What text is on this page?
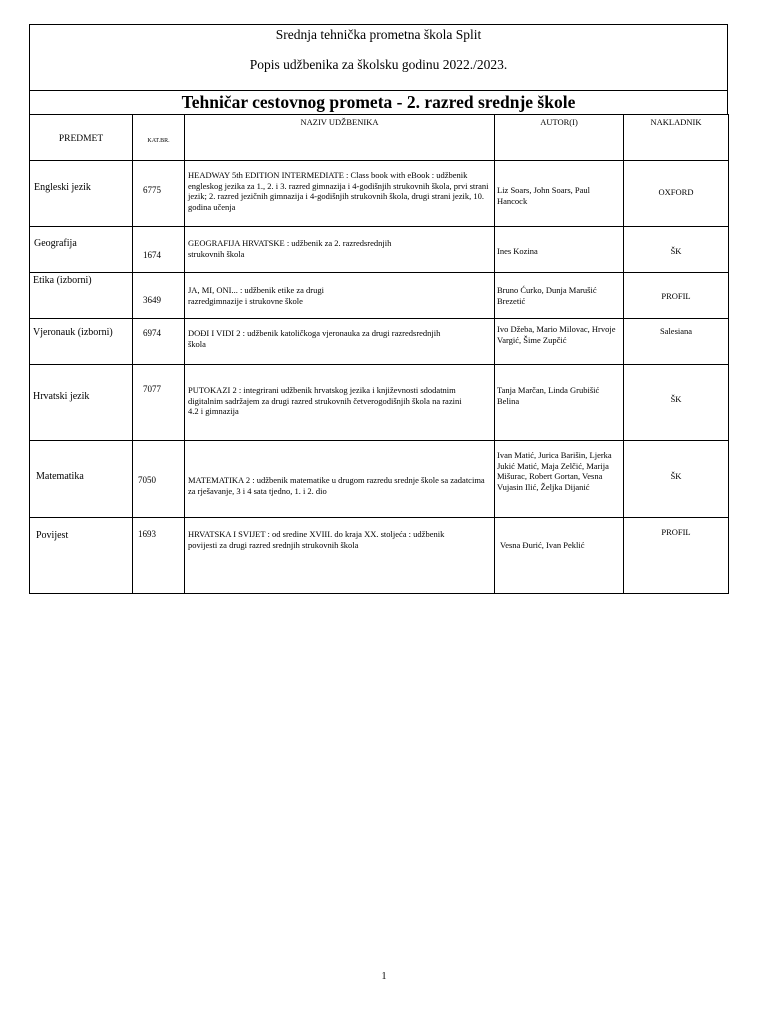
Srednja tehnička prometna škola Split
Popis udžbenika za školsku godinu 2022./2023.
Tehničar cestovnog prometa - 2. razred srednje škole
PREDMET	KAT.BR.	NAZIV UDŽBENIKA	AUTOR(I)	NAKLADNIK

Engleski jezik	6775	HEADWAY 5th EDITION INTERMEDIATE : Class book with eBook : udžbenik engleskog jezika za 1., 2. i 3. razred gimnazija i 4-godišnjih strukovnih škola, prvi strani jezik; 2. razred jezičnih gimnazija i 4-godišnjih strukovnih škola, drugi strani jezik, 10. godina učenja	Liz Soars, John Soars, Paul Hancock	OXFORD

Geografija	1674	GEOGRAFIJA HRVATSKE : udžbenik za 2. razredsrednjih strukovnih škola	Ines Kozina	ŠK

Etika (izborni)	3649	JA, MI, ONI... : udžbenik etike za drugi razredgimnazije i strukovne škole	Bruno Ćurko, Dunja Marušić Brezetić	PROFIL

Vjeronauk (izborni)	6974	DOĐI I VIDI 2 : udžbenik katoličkoga vjeronauka za drugi razredsrednjih škola	Ivo Džeba, Mario Milovac, Hrvoje Vargić, Šime Zupčić	Salesiana

Hrvatski jezik	7077	PUTOKAZI 2 : integrirani udžbenik hrvatskog jezika i književnosti sdodatnim digitalnim sadržajem za drugi razred strukovnih četverogodišnjih škola na razini 4.2 i gimnazija	Tanja Marčan, Linda Grubišić Belina	ŠK

Matematika	7050	MATEMATIKA 2 : udžbenik matematike u drugom razredu srednje škole sa zadatcima za rješavanje, 3 i 4 sata tjedno, 1. i 2. dio	Ivan Matić, Jurica Barišin, Ljerka Jukić Matić, Maja Zelčić, Marija Mišurac, Robert Gortan, Vesna Vujasin Ilić, Željka Dijanić	ŠK

Povijest	1693	HRVATSKA I SVIJET : od sredine XVIII. do kraja XX. stoljeća : udžbenik povijesti za drugi razred srednjih strukovnih škola	Vesna Đurić, Ivan Peklić	PROFIL
1
